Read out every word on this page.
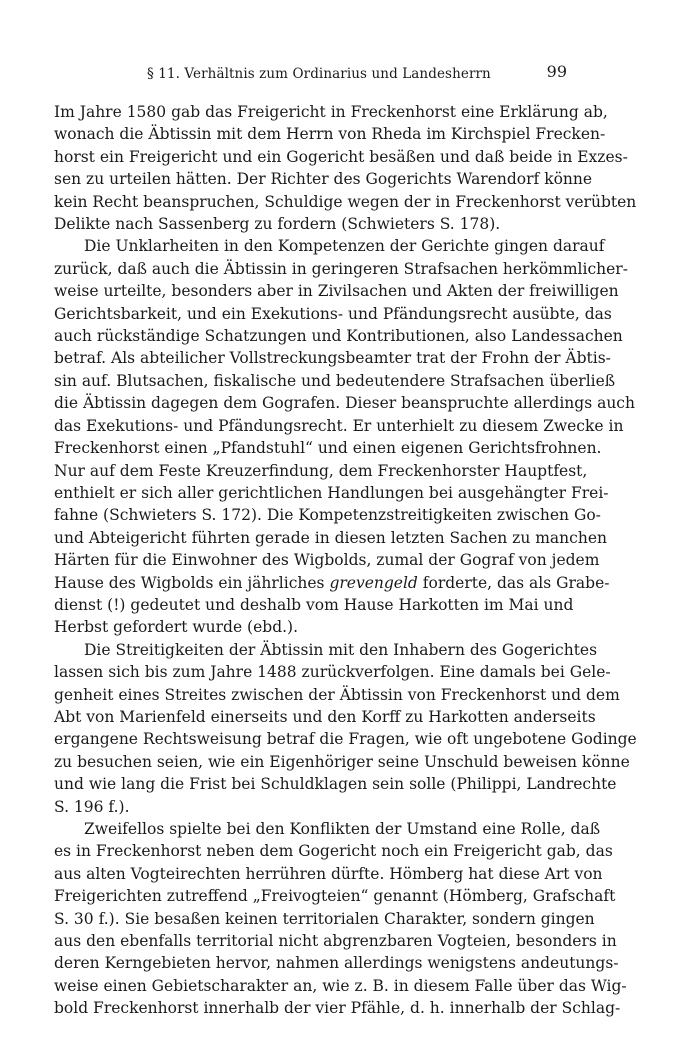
§ 11. Verhältnis zum Ordinarius und Landesherrn	99

Im Jahre 1580 gab das Freigericht in Freckenhorst eine Erklärung ab,
wonach die Äbtissin mit dem Herrn von Rheda im Kirchspiel Frecken-
horst ein Freigericht und ein Gogericht besäßen und daß beide in Exzes-
sen zu urteilen hätten. Der Richter des Gogerichts Warendorf könne
kein Recht beanspruchen, Schuldige wegen der in Freckenhorst verübten
Delikte nach Sassenberg zu fordern (Schwieters S. 178).

Die Unklarheiten in den Kompetenzen der Gerichte gingen darauf
zurück, daß auch die Äbtissin in geringeren Strafsachen herkömmlicher-
weise urteilte, besonders aber in Zivilsachen und Akten der freiwilligen
Gerichtsbarkeit, und ein Exekutions- und Pfändungsrecht ausübte, das
auch rückständige Schatzungen und Kontributionen, also Landessachen
betraf. Als abteilicher Vollstreckungsbeamter trat der Frohn der Äbtis-
sin auf. Blutsachen, fiskalische und bedeutendere Strafsachen überließ
die Äbtissin dagegen dem Gografen. Dieser beanspruchte allerdings auch
das Exekutions- und Pfändungsrecht. Er unterhielt zu diesem Zwecke in
Freckenhorst einen „Pfandstuhl“ und einen eigenen Gerichtsfrohnen.
Nur auf dem Feste Kreuzerfindung, dem Freckenhorster Hauptfest,
enthielt er sich aller gerichtlichen Handlungen bei ausgehängter Frei-
fahne (Schwieters S. 172). Die Kompetenzstreitigkeiten zwischen Go-
und Abteigericht führten gerade in diesen letzten Sachen zu manchen
Härten für die Einwohner des Wigbolds, zumal der Gograf von jedem
Hause des Wigbolds ein jährliches grevengeld forderte, das als Grabe-
dienst (!) gedeutet und deshalb vom Hause Harkotten im Mai und
Herbst gefordert wurde (ebd.).

Die Streitigkeiten der Äbtissin mit den Inhabern des Gogerichtes
lassen sich bis zum Jahre 1488 zurückverfolgen. Eine damals bei Gele-
genheit eines Streites zwischen der Äbtissin von Freckenhorst und dem
Abt von Marienfeld einerseits und den Korff zu Harkotten anderseits
ergangene Rechtsweisung betraf die Fragen, wie oft ungebotene Godinge
zu besuchen seien, wie ein Eigenhöriger seine Unschuld beweisen könne
und wie lang die Frist bei Schuldklagen sein solle (Philippi, Landrechte
S. 196 f.).

Zweifellos spielte bei den Konflikten der Umstand eine Rolle, daß
es in Freckenhorst neben dem Gogericht noch ein Freigericht gab, das
aus alten Vogteirechten herrühren dürfte. Hömberg hat diese Art von
Freigerichten zutreffend „Freivogteien“ genannt (Hömberg, Grafschaft
S. 30 f.). Sie besaßen keinen territorialen Charakter, sondern gingen
aus den ebenfalls territorial nicht abgrenzbaren Vogteien, besonders in
deren Kerngebieten hervor, nahmen allerdings wenigstens andeutungs-
weise einen Gebietscharakter an, wie z. B. in diesem Falle über das Wig-
bold Freckenhorst innerhalb der vier Pfähle, d. h. innerhalb der Schlag-
